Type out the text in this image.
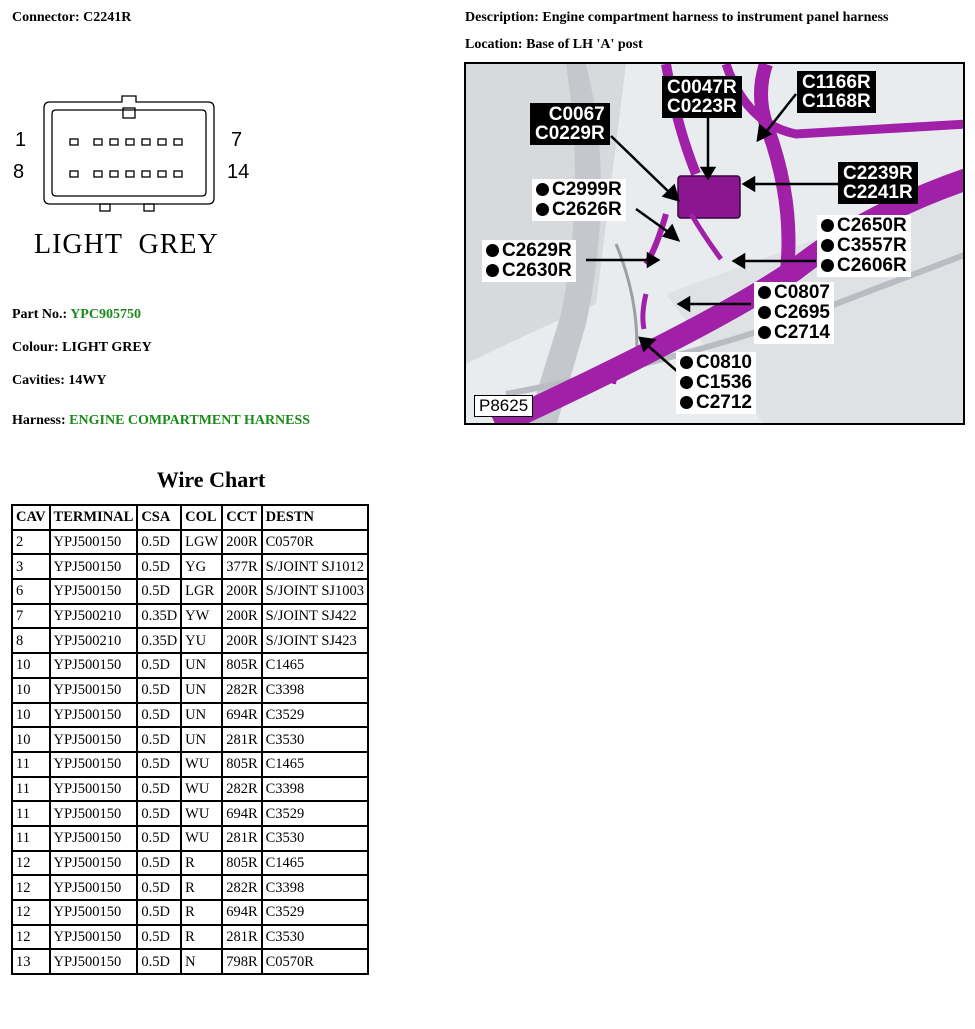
Connector: C2241R	Description: Engine compartment harness to instrument panel harness
Location: Base of LH 'A' post
1	7
8	14
LIGHT  GREY
Part No.: YPC905750
Colour: LIGHT GREY
Cavities: 14WY
Harness: ENGINE COMPARTMENT HARNESS
C0047R
C0223R
C1166R
C1168R
C0067
C0229R
C2239R
C2241R
C2999R
C2626R
C2650R
C3557R
C2606R
C2629R
C2630R
C0807
C2695
C2714
C0810
C1536
C2712
P8625
Wire Chart
CAV	TERMINAL	CSA	COL	CCT	DESTN
2	YPJ500150	0.5D	LGW	200R	C0570R
3	YPJ500150	0.5D	YG	377R	S/JOINT SJ1012
6	YPJ500150	0.5D	LGR	200R	S/JOINT SJ1003
7	YPJ500210	0.35D	YW	200R	S/JOINT SJ422
8	YPJ500210	0.35D	YU	200R	S/JOINT SJ423
10	YPJ500150	0.5D	UN	805R	C1465
10	YPJ500150	0.5D	UN	282R	C3398
10	YPJ500150	0.5D	UN	694R	C3529
10	YPJ500150	0.5D	UN	281R	C3530
11	YPJ500150	0.5D	WU	805R	C1465
11	YPJ500150	0.5D	WU	282R	C3398
11	YPJ500150	0.5D	WU	694R	C3529
11	YPJ500150	0.5D	WU	281R	C3530
12	YPJ500150	0.5D	R	805R	C1465
12	YPJ500150	0.5D	R	282R	C3398
12	YPJ500150	0.5D	R	694R	C3529
12	YPJ500150	0.5D	R	281R	C3530
13	YPJ500150	0.5D	N	798R	C0570R
